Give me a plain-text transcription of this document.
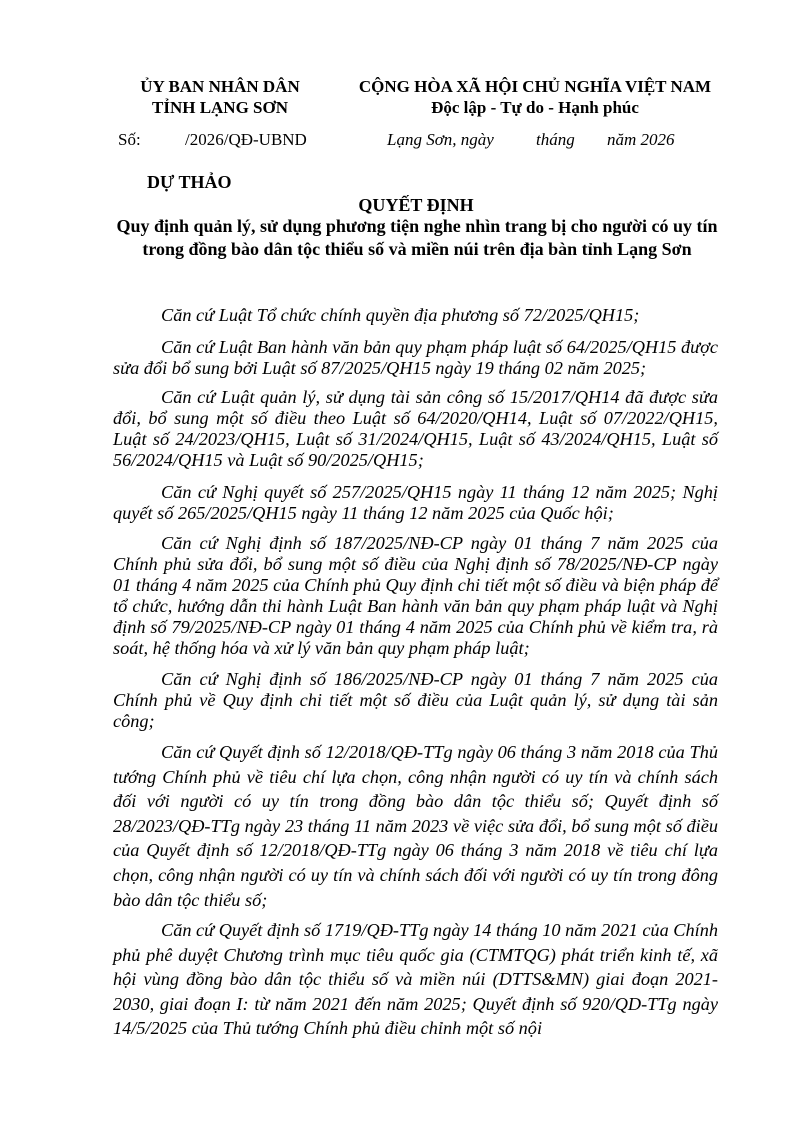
ỦY BAN NHÂN DÂN
TỈNH LẠNG SƠN
CỘNG HÒA XÃ HỘI CHỦ NGHĨA VIỆT NAM
Độc lập - Tự do - Hạnh phúc
Số:	/2026/QĐ-UBND	Lạng Sơn, ngày tháng năm 2026
DỰ THẢO
QUYẾT ĐỊNH
Quy định quản lý, sử dụng phương tiện nghe nhìn trang bị cho người có uy tín trong đồng bào dân tộc thiểu số và miền núi trên địa bàn tỉnh Lạng Sơn
Căn cứ Luật Tổ chức chính quyền địa phương số 72/2025/QH15;
Căn cứ Luật Ban hành văn bản quy phạm pháp luật số 64/2025/QH15 được sửa đổi bổ sung bởi Luật số 87/2025/QH15 ngày 19 tháng 02 năm 2025;
Căn cứ Luật quản lý, sử dụng tài sản công số 15/2017/QH14 đã được sửa đổi, bổ sung một số điều theo Luật số 64/2020/QH14, Luật số 07/2022/QH15, Luật số 24/2023/QH15, Luật số 31/2024/QH15, Luật số 43/2024/QH15, Luật số 56/2024/QH15 và Luật số 90/2025/QH15;
Căn cứ Nghị quyết số 257/2025/QH15 ngày 11 tháng 12 năm 2025; Nghị quyết số 265/2025/QH15 ngày 11 tháng 12 năm 2025 của Quốc hội;
Căn cứ Nghị định số 187/2025/NĐ-CP ngày 01 tháng 7 năm 2025 của Chính phủ sửa đổi, bổ sung một số điều của Nghị định số 78/2025/NĐ-CP ngày 01 tháng 4 năm 2025 của Chính phủ Quy định chi tiết một số điều và biện pháp để tổ chức, hướng dẫn thi hành Luật Ban hành văn bản quy phạm pháp luật và Nghị định số 79/2025/NĐ-CP ngày 01 tháng 4 năm 2025 của Chính phủ về kiểm tra, rà soát, hệ thống hóa và xử lý văn bản quy phạm pháp luật;
Căn cứ Nghị định số 186/2025/NĐ-CP ngày 01 tháng 7 năm 2025 của Chính phủ về Quy định chi tiết một số điều của Luật quản lý, sử dụng tài sản công;
Căn cứ Quyết định số 12/2018/QĐ-TTg ngày 06 tháng 3 năm 2018 của Thủ tướng Chính phủ về tiêu chí lựa chọn, công nhận người có uy tín và chính sách đối với người có uy tín trong đồng bào dân tộc thiểu số; Quyết định số 28/2023/QĐ-TTg ngày 23 tháng 11 năm 2023 về việc sửa đổi, bổ sung một số điều của Quyết định số 12/2018/QĐ-TTg ngày 06 tháng 3 năm 2018 về tiêu chí lựa chọn, công nhận người có uy tín và chính sách đối với người có uy tín trong đông bào dân tộc thiểu số;
Căn cứ Quyết định số 1719/QĐ-TTg ngày 14 tháng 10 năm 2021 của Chính phủ phê duyệt Chương trình mục tiêu quốc gia (CTMTQG) phát triển kinh tế, xã hội vùng đồng bào dân tộc thiểu số và miền núi (DTTS&MN) giai đoạn 2021-2030, giai đoạn I: từ năm 2021 đến năm 2025; Quyết định số 920/QD-TTg ngày 14/5/2025 của Thủ tướng Chính phủ điều chỉnh một số nội
